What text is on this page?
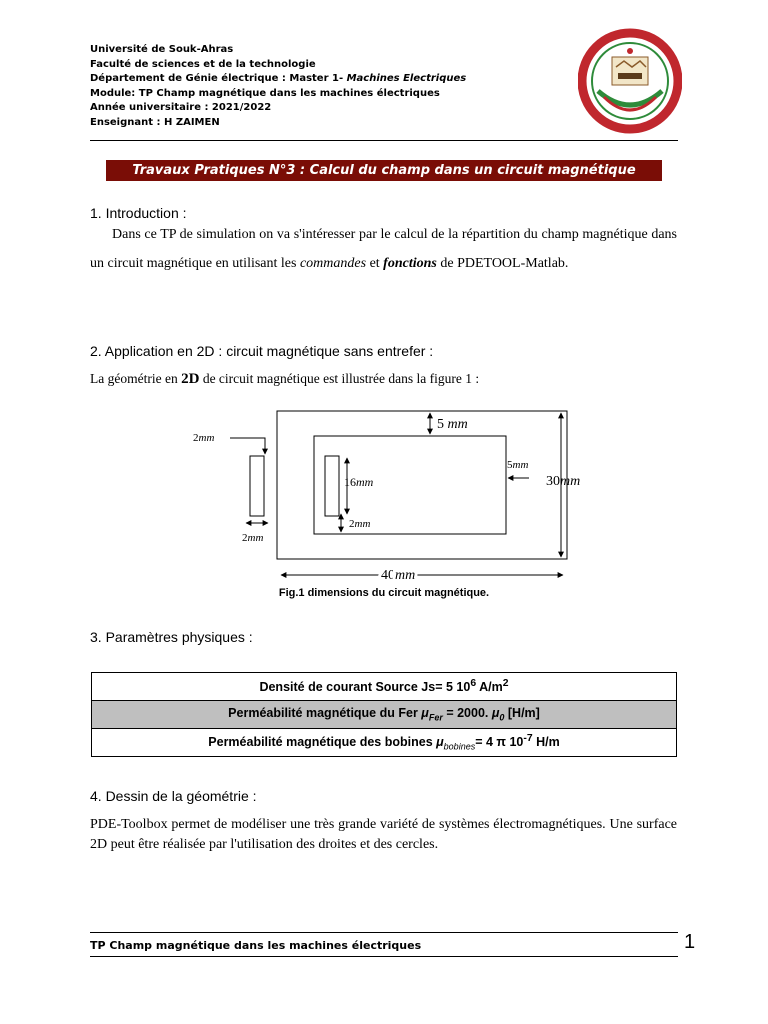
Université de Souk-Ahras
Faculté de sciences et de la technologie
Département de Génie électrique : Master 1- Machines Electriques
Module: TP Champ magnétique dans les machines électriques
Année universitaire : 2021/2022
Enseignant : H ZAIMEN
Travaux Pratiques N°3 : Calcul du champ dans un circuit magnétique
1. Introduction :
Dans ce TP de simulation on va s'intéresser par le calcul de la répartition du champ magnétique dans un circuit magnétique en utilisant les commandes et fonctions de PDETOOL-Matlab.
2. Application en 2D : circuit magnétique sans entrefer :
La géométrie en 2D de circuit magnétique est illustrée dans la figure 1 :
5 mm
5mm
30mm
40mm
16mm
2mm
2mm
2mm
Fig.1 dimensions du circuit magnétique.
3. Paramètres physiques :
Densité de courant Source Js= 5 $10^6$ $A/m^2$
Perméabilité magnétique du Fer $\mu_{Fer} = 2000$. $\mu_0$ [H/m]
Perméabilité magnétique des bobines $\mu_{bobines}= 4$ π $10^{-7}$ H/m
4. Dessin de la géométrie :
PDE-Toolbox permet de modéliser une très grande variété de systèmes électromagnétiques. Une surface 2D peut être réalisée par l'utilisation des droites et des cercles.
TP Champ magnétique dans les machines électriques	1
